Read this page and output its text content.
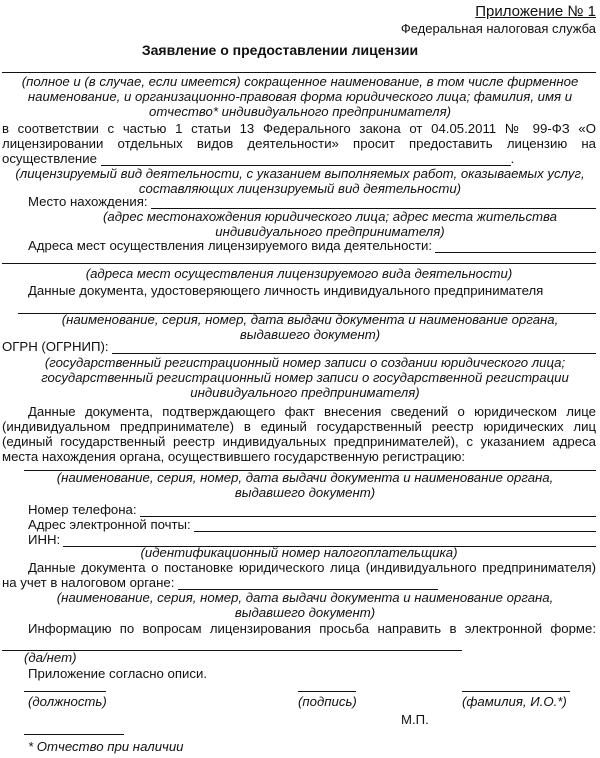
Приложение № 1
Федеральная налоговая служба
Заявление о предоставлении лицензии
(полное и (в случае, если имеется) сокращенное наименование, в том числе фирменное наименование, и организационно-правовая форма юридического лица; фамилия, имя и отчество* индивидуального предпринимателя)
в соответствии с частью 1 статьи 13 Федерального закона от 04.05.2011 № 99-ФЗ «О лицензировании отдельных видов деятельности» просит предоставить лицензию на осуществление	.
(лицензируемый вид деятельности, с указанием выполняемых работ, оказываемых услуг, составляющих лицензируемый вид деятельности)
Место нахождения:
(адрес местонахождения юридического лица; адрес места жительства индивидуального предпринимателя)
Адреса мест осуществления лицензируемого вида деятельности:
(адреса мест осуществления лицензируемого вида деятельности)
Данные документа, удостоверяющего личность индивидуального предпринимателя
(наименование, серия, номер, дата выдачи документа и наименование органа, выдавшего документ)
ОГРН (ОГРНИП):
(государственный регистрационный номер записи о создании юридического лица; государственный регистрационный номер записи о государственной регистрации индивидуального предпринимателя)
Данные документа, подтверждающего факт внесения сведений о юридическом лице (индивидуальном предпринимателе) в единый государственный реестр юридических лиц (единый государственный реестр индивидуальных предпринимателей), с указанием адреса места нахождения органа, осуществившего государственную регистрацию:
(наименование, серия, номер, дата выдачи документа и наименование органа, выдавшего документ)
Номер телефона:
Адрес электронной почты:
ИНН:
(идентификационный номер налогоплательщика)
Данные документа о постановке юридического лица (индивидуального предпринимателя) на учет в налоговом органе:
(наименование, серия, номер, дата выдачи документа и наименование органа, выдавшего документ)
Информацию по вопросам лицензирования просьба направить в электронной форме:
(да/нет)
Приложение согласно описи.
(должность)	(подпись)	(фамилия, И.О.*)
М.П.
* Отчество при наличии
